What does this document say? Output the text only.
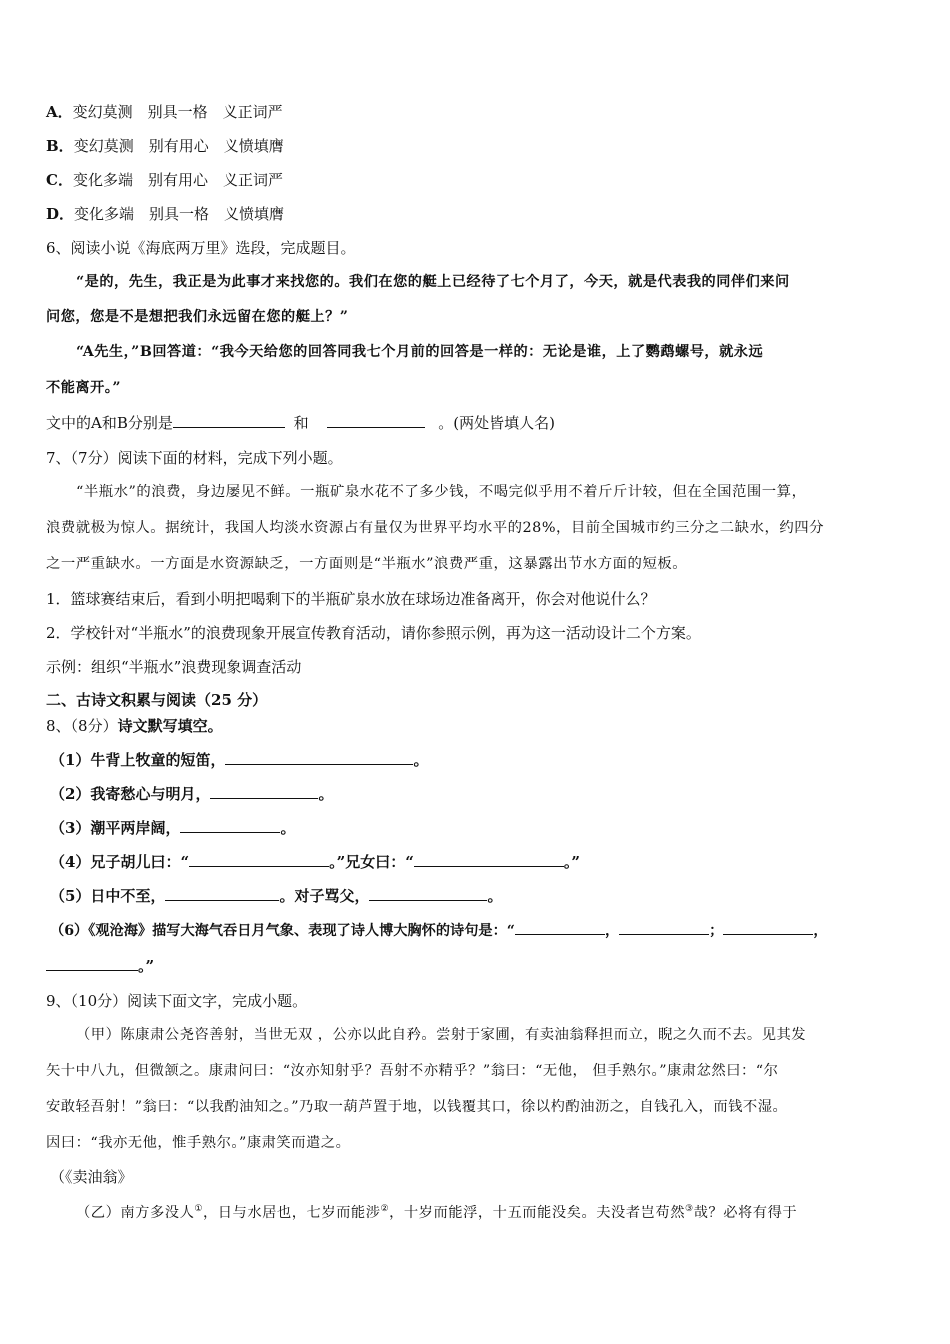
A．变幻莫测　别具一格　义正词严
B．变幻莫测　别有用心　义愤填膺
C．变化多端　别有用心　义正词严
D．变化多端　别具一格　义愤填膺
6、阅读小说《海底两万里》选段，完成题目。
“是的，先生，我正是为此事才来找您的。我们在您的艇上已经待了七个月了，今天，就是代表我的同伴们来问
问您，您是不是想把我们永远留在您的艇上？”
“A先生，”B回答道：“我今天给您的回答同我七个月前的回答是一样的：无论是谁，上了鹦鹉螺号，就永远
不能离开。”
文中的A和B分别是	和	。(两处皆填人名)
7、（7分）阅读下面的材料，完成下列小题。
“半瓶水”的浪费，身边屡见不鲜。一瓶矿泉水花不了多少钱，不喝完似乎用不着斤斤计较，但在全国范围一算，
浪费就极为惊人。据统计，我国人均淡水资源占有量仅为世界平均水平的28%，目前全国城市约三分之二缺水，约四分
之一严重缺水。一方面是水资源缺乏，一方面则是“半瓶水”浪费严重，这暴露出节水方面的短板。
1．篮球赛结束后，看到小明把喝剩下的半瓶矿泉水放在球场边准备离开，你会对他说什么？
2．学校针对“半瓶水”的浪费现象开展宣传教育活动，请你参照示例，再为这一活动设计二个方案。
示例：组织“半瓶水”浪费现象调查活动
二、古诗文积累与阅读（25 分）
8、（8分）诗文默写填空。
（1）牛背上牧童的短笛，	。
（2）我寄愁心与明月，	。
（3）潮平两岸阔，	。
（4）兄子胡儿曰：“	。”兄女曰：“	。”
（5）日中不至，	。对子骂父，	。
（6）《观沧海》描写大海气吞日月气象、表现了诗人博大胸怀的诗句是：“	，	；	，
。”
9、（10分）阅读下面文字，完成小题。
（甲）陈康肃公尧咨善射，当世无双 ，公亦以此自矜。尝射于家圃，有卖油翁释担而立，睨之久而不去。见其发
矢十中八九，但微颔之。康肃问曰：“汝亦知射乎？吾射不亦精乎？”翁曰：“无他， 但手熟尔。”康肃忿然曰：“尔
安敢轻吾射！”翁曰：“以我酌油知之。”乃取一葫芦置于地，以钱覆其口，徐以杓酌油沥之，自钱孔入，而钱不湿。
因曰：“我亦无他，惟手熟尔。”康肃笑而遣之。
（《卖油翁》
（乙）南方多没人①，日与水居也，七岁而能涉②，十岁而能浮，十五而能没矣。夫没者岂苟然③哉？必将有得于
